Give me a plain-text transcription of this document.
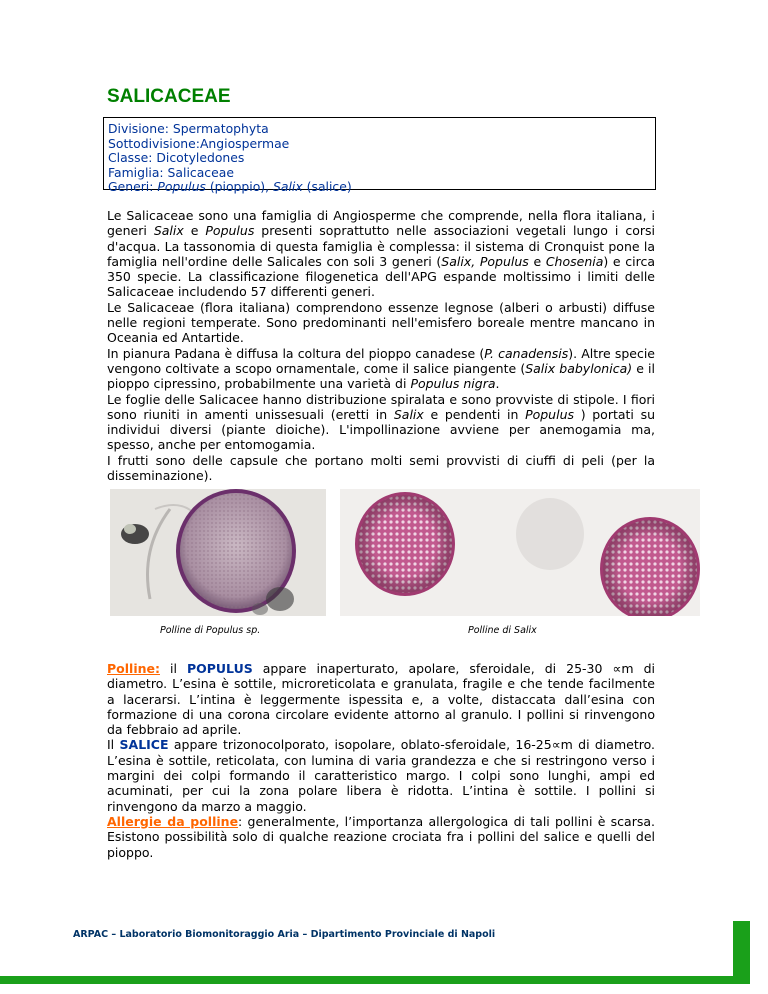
SALICACEAE
Divisione: Spermatophyta
Sottodivisione:Angiospermae
Classe: Dicotyledones
Famiglia: Salicaceae
Generi: Populus (pioppio), Salix (salice)

Le Salicaceae sono una famiglia di Angiosperme che comprende, nella flora italiana, i generi Salix e Populus presenti soprattutto nelle associazioni vegetali lungo i corsi d'acqua. La tassonomia di questa famiglia è complessa: il sistema di Cronquist pone la famiglia nell'ordine delle Salicales con soli 3 generi (Salix, Populus e Chosenia) e circa 350 specie. La classificazione filogenetica dell'APG espande moltissimo i limiti delle Salicaceae includendo 57 differenti generi.

Le Salicaceae (flora italiana) comprendono essenze legnose (alberi o arbusti) diffuse nelle regioni temperate. Sono predominanti nell'emisfero boreale mentre mancano in Oceania ed Antartide.

In pianura Padana è diffusa la coltura del pioppo canadese (P. canadensis). Altre specie vengono coltivate a scopo ornamentale, come il salice piangente (Salix babylonica) e il pioppo cipressino, probabilmente una varietà di Populus nigra.

Le foglie delle Salicacee hanno distribuzione spiralata e sono provviste di stipole. I fiori sono riuniti in amenti unissesuali (eretti in Salix e pendenti in Populus ) portati su individui diversi (piante dioiche). L'impollinazione avviene per anemogamia ma, spesso, anche per entomogamia.

I frutti sono delle capsule che portano molti semi provvisti di ciuffi di peli (per la disseminazione).

Polline di Populus sp.	Polline di Salix

Polline: il POPULUS appare inaperturato, apolare, sferoidale, di 25-30 ∝m di diametro. L’esina è sottile, microreticolata e granulata, fragile e che tende facilmente a lacerarsi. L’intina è leggermente ispessita e, a volte, distaccata dall’esina con formazione di una corona circolare evidente attorno al granulo. I pollini si rinvengono da febbraio ad aprile.

Il SALICE appare trizonocolporato, isopolare, oblato-sferoidale, 16-25∝m di diametro. L’esina è sottile, reticolata, con lumina di varia grandezza e che si restringono verso i margini dei colpi formando il caratteristico margo. I colpi sono lunghi, ampi ed acuminati, per cui la zona polare libera è ridotta. L’intina è sottile. I pollini si rinvengono da marzo a maggio.

Allergie da polline: generalmente, l’importanza allergologica di tali pollini è scarsa. Esistono possibilità solo di qualche reazione crociata fra i pollini del salice e quelli del pioppo.

ARPAC – Laboratorio Biomonitoraggio Aria – Dipartimento Provinciale di Napoli
